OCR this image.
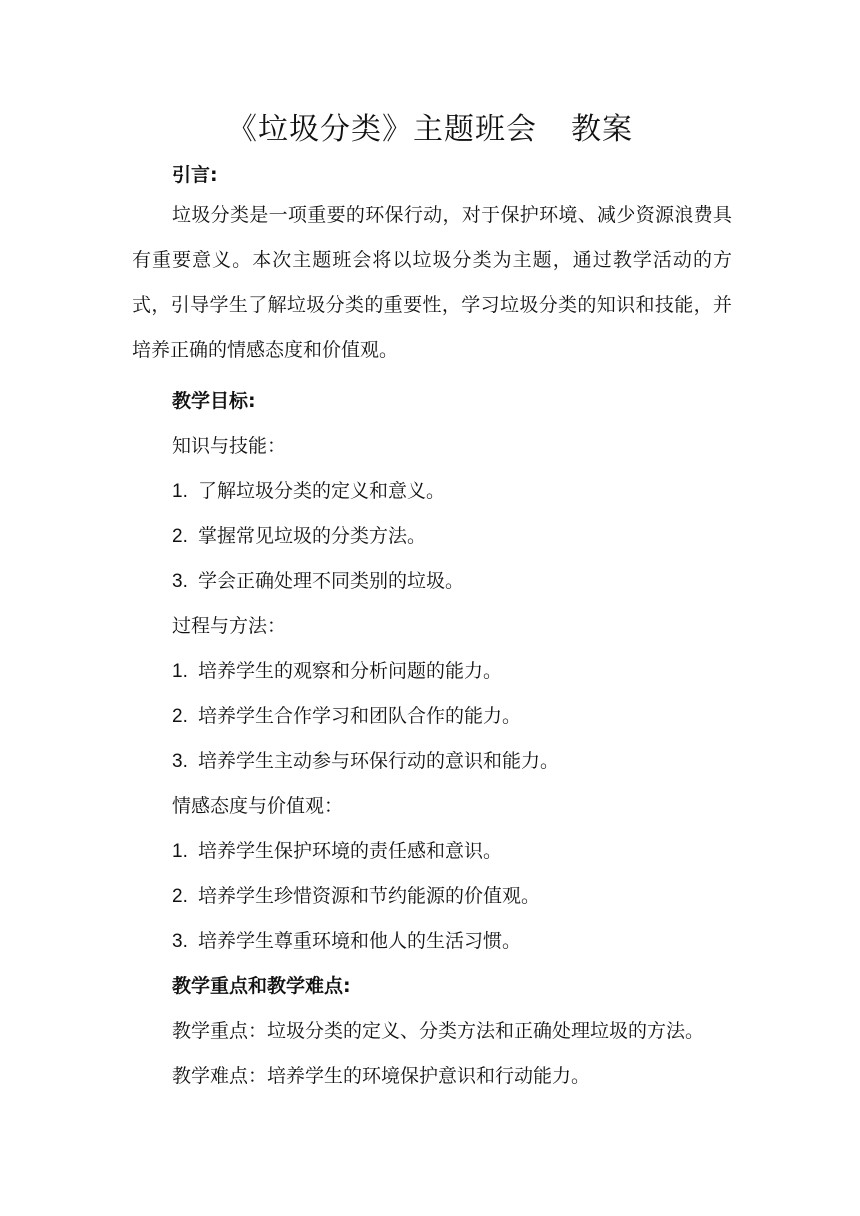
《垃圾分类》主题班会 教案
引言:

垃圾分类是一项重要的环保行动，对于保护环境、减少资源浪费具有重要意义。本次主题班会将以垃圾分类为主题，通过教学活动的方式，引导学生了解垃圾分类的重要性，学习垃圾分类的知识和技能，并培养正确的情感态度和价值观。

教学目标:
知识与技能：
1. 了解垃圾分类的定义和意义。
2. 掌握常见垃圾的分类方法。
3. 学会正确处理不同类别的垃圾。
过程与方法：
1. 培养学生的观察和分析问题的能力。
2. 培养学生合作学习和团队合作的能力。
3. 培养学生主动参与环保行动的意识和能力。
情感态度与价值观：
1. 培养学生保护环境的责任感和意识。
2. 培养学生珍惜资源和节约能源的价值观。
3. 培养学生尊重环境和他人的生活习惯。
教学重点和教学难点:
教学重点：垃圾分类的定义、分类方法和正确处理垃圾的方法。
教学难点：培养学生的环境保护意识和行动能力。
